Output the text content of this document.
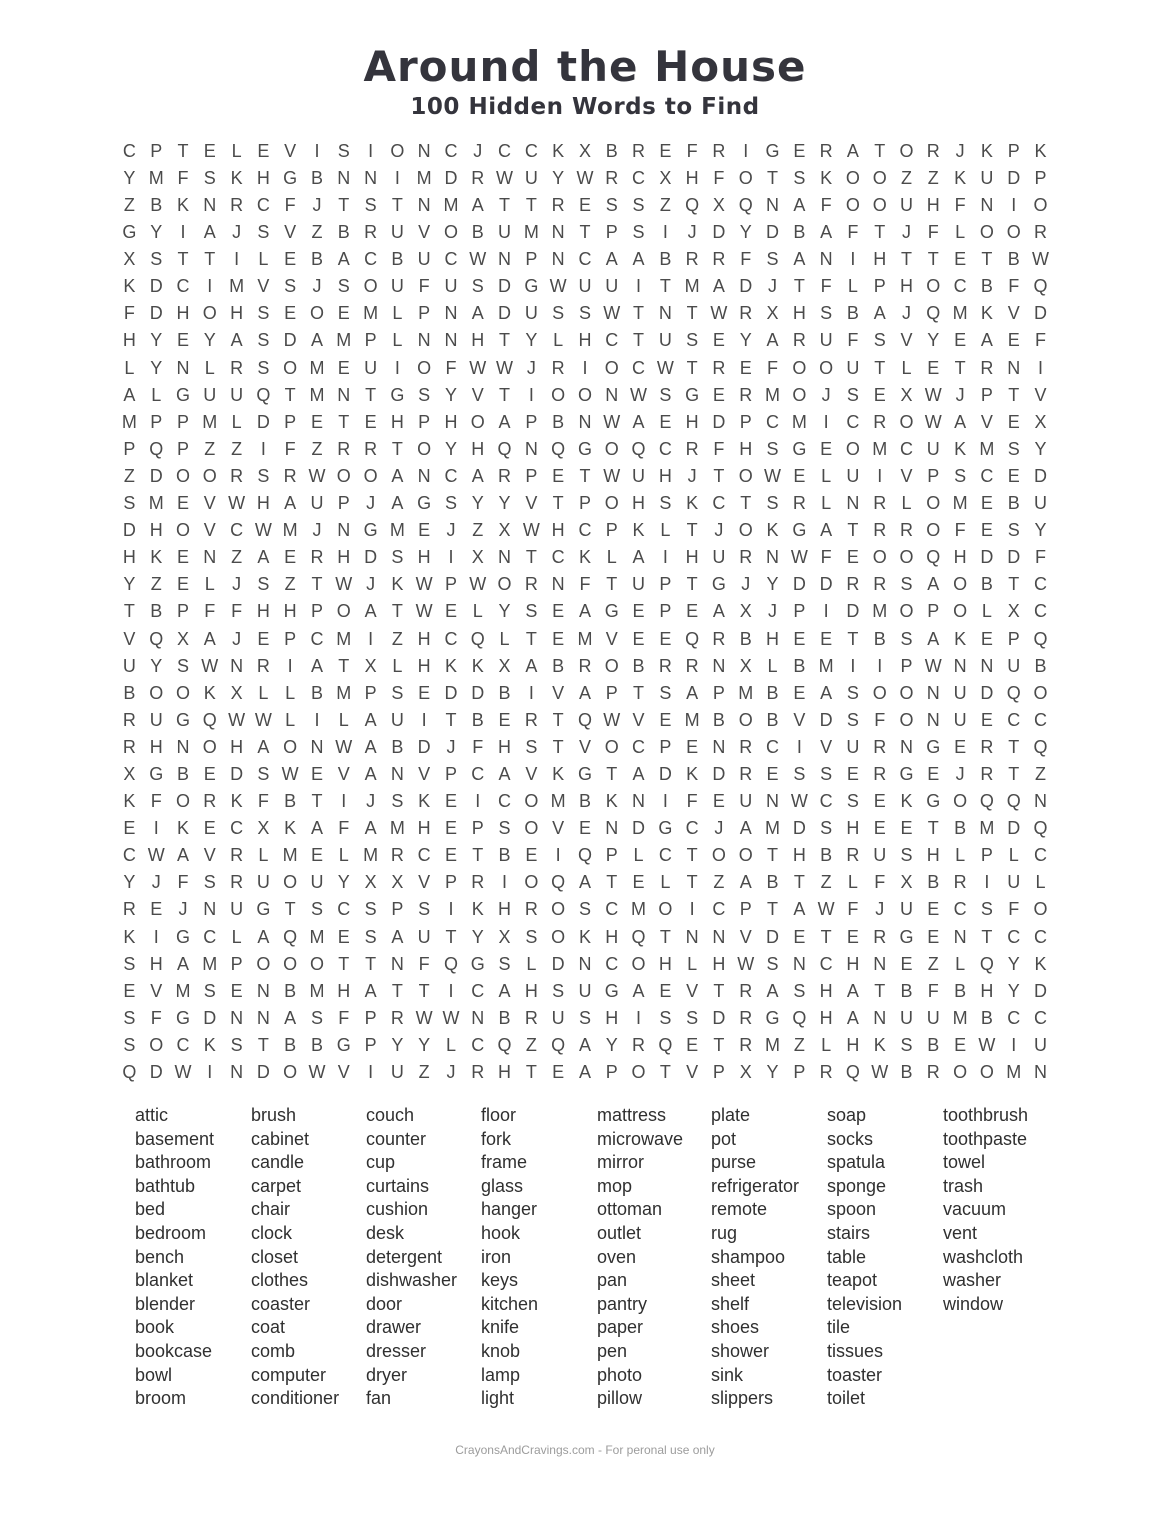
Around the House
100 Hidden Words to Find
C P T E L E V	I	S	I O N C J C C K X B R E F R I G E R A T O R J K P K
Y M F S K H G B N N I M D R W U Y W R C X H F O T S K O O Z Z K U D P
Z B K N R C F J T S T N M A T T R E S S Z Q X Q N A F O O U H F N I O
G Y	I	A J S V Z B R U V O B U M N T P S	I	J D Y D B A F T J F L O O R
X S T T	I	L E B A C B U C W N P N C A A B R R F S A N I H T T E T B W
K D C I M V S J S O U F U S D G W U U I	T M A D J T F L P H O C B F Q
F D H O H S E O E M L P N A D U S S W T N T W R X H S B A J Q M K V D
H Y E Y A S D A M P L N N H T Y L H C T U S E Y A R U F S V Y E A E F
L Y N L R S O M E U I O F W W J R I O C W T R E F O O U T L E T R N I
A L G U U Q T M N T G S Y V T	I O O N W S G E R M O J S E X W J P T V
M P P M L D P E T E H P H O A P B N W A E H D P C M I C R O W A V E X
P Q P Z Z	I	F Z R R T O Y H Q N Q G O Q C R F H S G E O M C U K M S Y
Z D O O R S R W O O A N C A R P E T W U H J T O W E L U I	V P S C E D
S M E V W H A U P J A G S Y Y V T P O H S K C T S R L N R L O M E B U
D H O V C W M J N G M E J Z X W H C P K L T J O K G A T R R O F E S Y
H K E N Z A E R H D S H I	X N T C K L A	I H U R N W F E O O Q H D D F
Y Z E L J S Z T W J K W P W O R N F T U P T G J Y D D R R S A O B T C
T B P F F H H P O A T W E L Y S E A G E P E A X J P	I D M O P O L X C
V Q X A J E P C M I	Z H C Q L T E M V E E Q R B H E E T B S A K E P Q
U Y S W N R I	A T X L H K K X A B R O B R R N X L B M I	I	P W N N U B
B O O K X L L B M P S E D D B	I	V A P T S A P M B E A S O O N U D Q O
R U G Q W W L	I	L A U I	T B E R T Q W V E M B O B V D S F O N U E C C
R H N O H A O N W A B D J F H S T V O C P E N R C I	V U R N G E R T Q
X G B E D S W E V A N V P C A V K G T A D K D R E S S E R G E J R T Z
K F O R K F B T	I	J S K E	I C O M B K N I	F E U N W C S E K G O Q Q N
E	I	K E C X K A F A M H E P S O V E N D G C J A M D S H E E T B M D Q
C W A V R L M E L M R C E T B E	I Q P L C T O O T H B R U S H L P L C
Y J F S R U O U Y X X V P R I O Q A T E L T Z A B T Z L F X B R I U L
R E J N U G T S C S P S	I	K H R O S C M O I C P T A W F J U E C S F O
K	I G C L A Q M E S A U T Y X S O K H Q T N N V D E T E R G E N T C C
S H A M P O O O T T N F Q G S L D N C O H L H W S N C H N E Z L Q Y K
E V M S E N B M H A T T	I C A H S U G A E V T R A S H A T B F B H Y D
S F G D N N A S F P R W W N B R U S H I	S S D R G Q H A N U U M B C C
S O C K S T B B G P Y Y L C Q Z Q A Y R Q E T R M Z L H K S B E W I U
Q D W I N D O W V	I U Z J R H T E A P O T V P X Y P R Q W B R O O M N
attic
basement
bathroom
bathtub
bed
bedroom
bench
blanket
blender
book
bookcase
bowl
broom
brush
cabinet
candle
carpet
chair
clock
closet
clothes
coaster
coat
comb
computer
conditioner
couch
counter
cup
curtains
cushion
desk
detergent
dishwasher
door
drawer
dresser
dryer
fan
floor
fork
frame
glass
hanger
hook
iron
keys
kitchen
knife
knob
lamp
light
mattress
microwave
mirror
mop
ottoman
outlet
oven
pan
pantry
paper
pen
photo
pillow
plate
pot
purse
refrigerator
remote
rug
shampoo
sheet
shelf
shoes
shower
sink
slippers
soap
socks
spatula
sponge
spoon
stairs
table
teapot
television
tile
tissues
toaster
toilet
toothbrush
toothpaste
towel
trash
vacuum
vent
washcloth
washer
window
CrayonsAndCravings.com - For peronal use only
